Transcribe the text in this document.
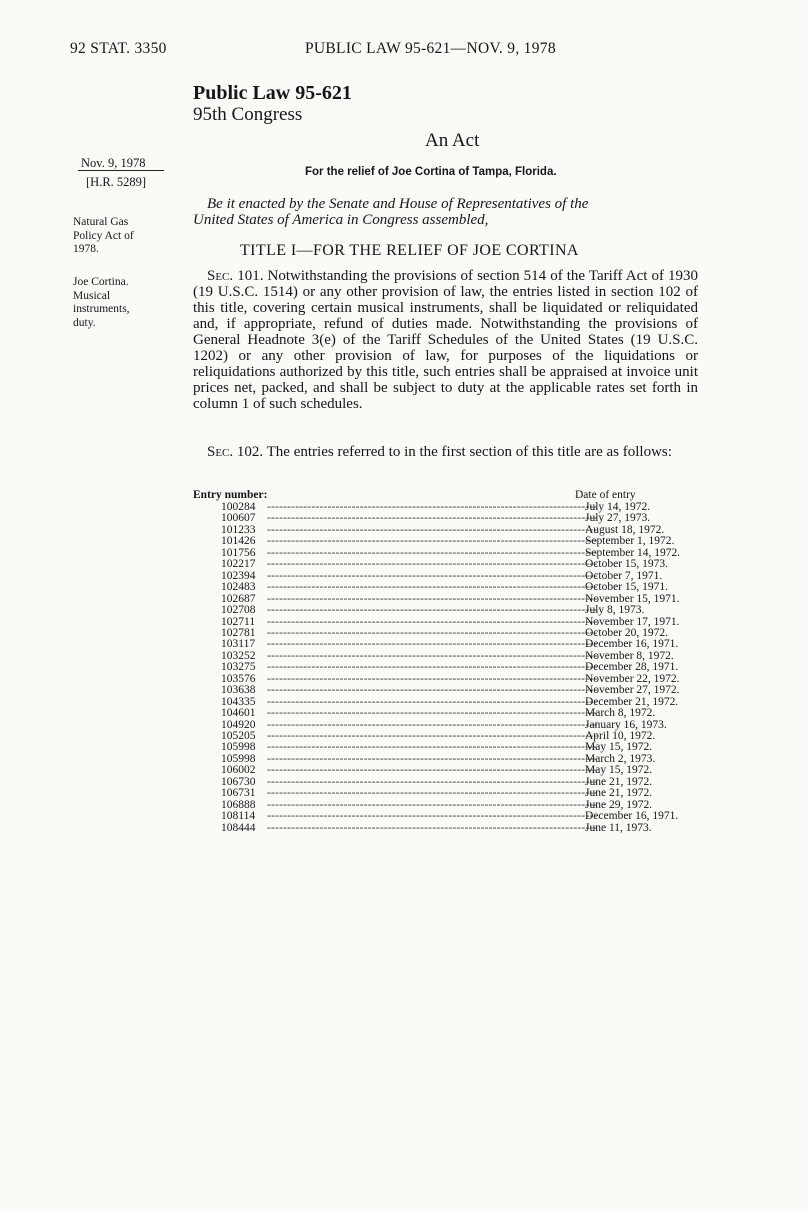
92 STAT. 3350	PUBLIC LAW 95-621—NOV. 9, 1978
Public Law 95-621
95th Congress
An Act
For the relief of Joe Cortina of Tampa, Florida.
Nov. 9, 1978
[H.R. 5289]
Natural Gas
Policy Act of
1978.
Joe Cortina.
Musical
instruments,
duty.
Be it enacted by the Senate and House of Representatives of the
United States of America in Congress assembled,
TITLE I—FOR THE RELIEF OF JOE CORTINA
Sec. 101. Notwithstanding the provisions of section 514 of the Tariff Act of 1930 (19 U.S.C. 1514) or any other provision of law, the entries listed in section 102 of this title, covering certain musical instruments, shall be liquidated or reliquidated and, if appropriate, refund of duties made. Notwithstanding the provisions of General Headnote 3(e) of the Tariff Schedules of the United States (19 U.S.C. 1202) or any other provision of law, for purposes of the liquidations or reliquidations authorized by this title, such entries shall be appraised at invoice unit prices net, packed, and shall be subject to duty at the applicable rates set forth in column 1 of such schedules.
Sec. 102. The entries referred to in the first section of this title are as follows:
Entry number:	Date of entry
100284 ----------------------------------------------------------------------------------
July 14, 1972.
100607 ----------------------------------------------------------------------------------
July 27, 1973.
101233 ----------------------------------------------------------------------------------
August 18, 1972.
101426 ----------------------------------------------------------------------------------
September 1, 1972.
101756 ----------------------------------------------------------------------------------
September 14, 1972.
102217 ----------------------------------------------------------------------------------
October 15, 1973.
102394 ----------------------------------------------------------------------------------
October 7, 1971.
102483 ----------------------------------------------------------------------------------
October 15, 1971.
102687 ----------------------------------------------------------------------------------
November 15, 1971.
102708 ----------------------------------------------------------------------------------
July 8, 1973.
102711 ----------------------------------------------------------------------------------
November 17, 1971.
102781 ----------------------------------------------------------------------------------
October 20, 1972.
103117 ----------------------------------------------------------------------------------
December 16, 1971.
103252 ----------------------------------------------------------------------------------
November 8, 1972.
103275 ----------------------------------------------------------------------------------
December 28, 1971.
103576 ----------------------------------------------------------------------------------
November 22, 1972.
103638 ----------------------------------------------------------------------------------
November 27, 1972.
104335 ----------------------------------------------------------------------------------
December 21, 1972.
104601 ----------------------------------------------------------------------------------
March 8, 1972.
104920 ----------------------------------------------------------------------------------
January 16, 1973.
105205 ----------------------------------------------------------------------------------
April 10, 1972.
105998 ----------------------------------------------------------------------------------
May 15, 1972.
105998 ----------------------------------------------------------------------------------
March 2, 1973.
106002 ----------------------------------------------------------------------------------
May 15, 1972.
106730 ----------------------------------------------------------------------------------
June 21, 1972.
106731 ----------------------------------------------------------------------------------
June 21, 1972.
106888 ----------------------------------------------------------------------------------
June 29, 1972.
108114 ----------------------------------------------------------------------------------
December 16, 1971.
108444 ----------------------------------------------------------------------------------
June 11, 1973.
